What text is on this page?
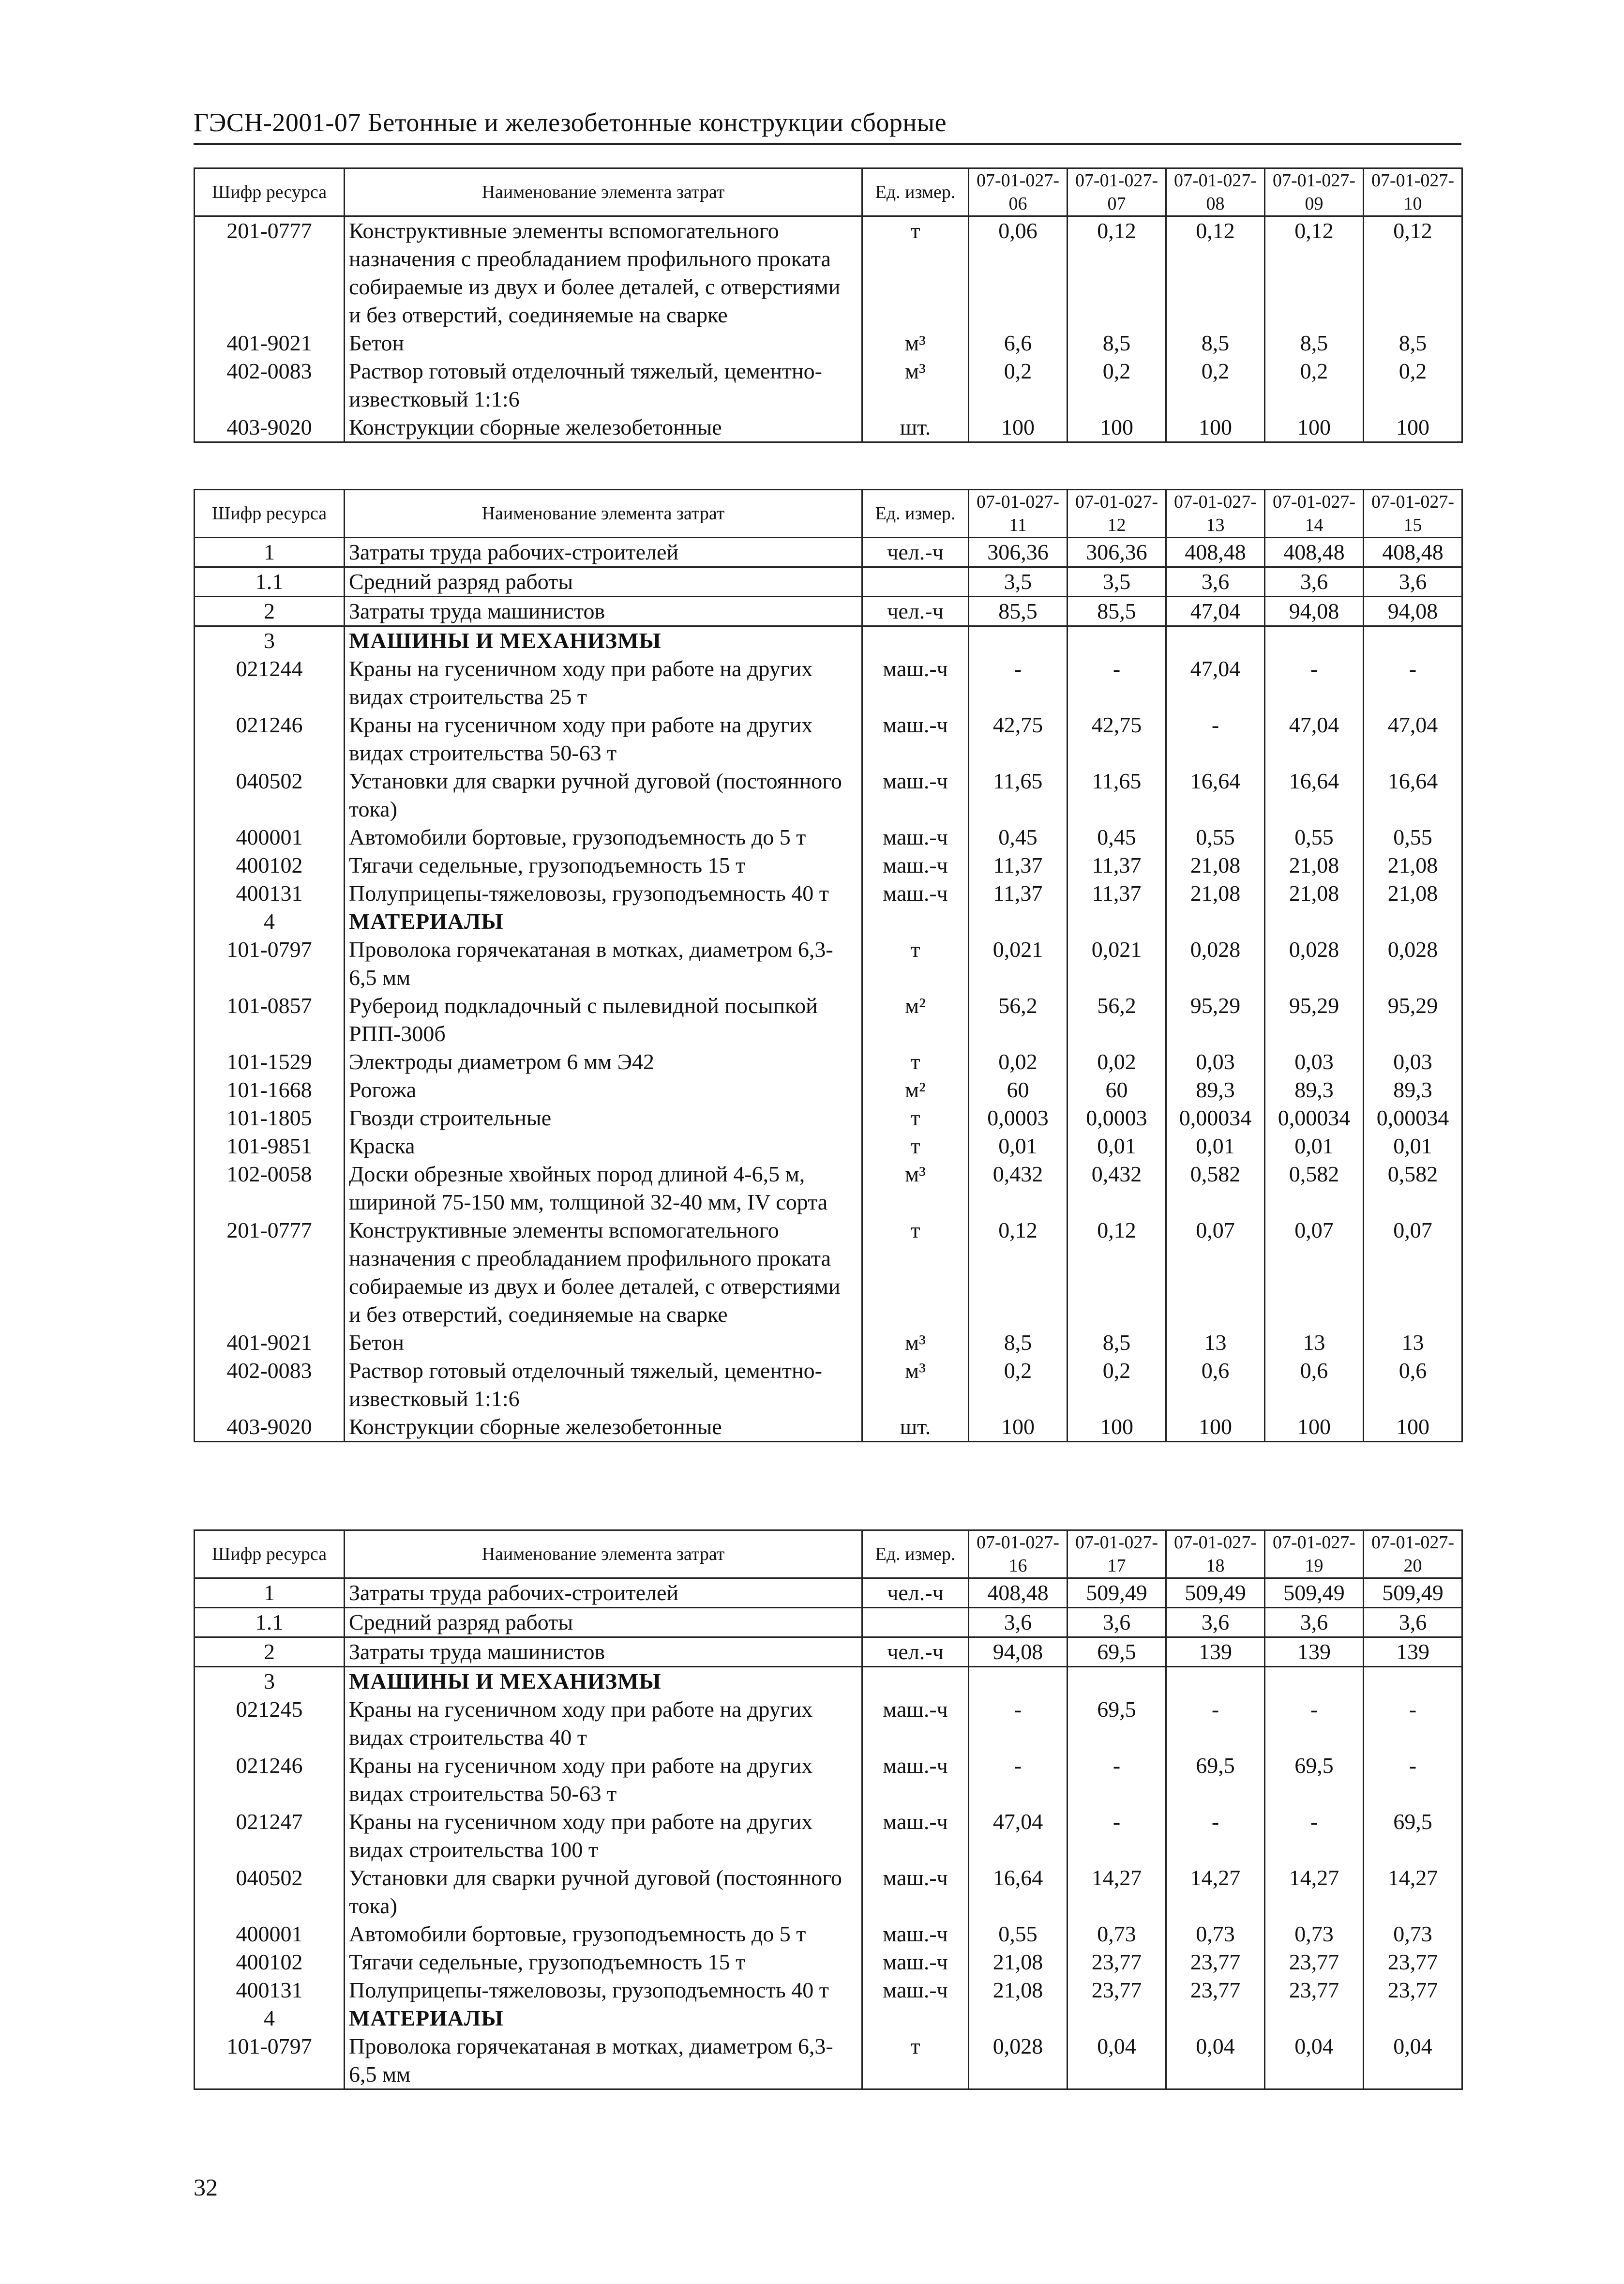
ГЭСН-2001-07 Бетонные и железобетонные конструкции сборные
Шифр ресурса	Наименование элемента затрат	Ед. измер.	07-01-027-06	07-01-027-07	07-01-027-08	07-01-027-09	07-01-027-10
201-0777	Конструктивные элементы вспомогательного назначения с преобладанием профильного проката собираемые из двух и более деталей, с отверстиями и без отверстий, соединяемые на сварке	т	0,06	0,12	0,12	0,12	0,12
401-9021	Бетон	м³	6,6	8,5	8,5	8,5	8,5
402-0083	Раствор готовый отделочный тяжелый, цементно-известковый 1:1:6	м³	0,2	0,2	0,2	0,2	0,2
403-9020	Конструкции сборные железобетонные	шт.	100	100	100	100	100
Шифр ресурса	Наименование элемента затрат	Ед. измер.	07-01-027-11	07-01-027-12	07-01-027-13	07-01-027-14	07-01-027-15
1	Затраты труда рабочих-строителей	чел.-ч	306,36	306,36	408,48	408,48	408,48
1.1	Средний разряд работы		3,5	3,5	3,6	3,6	3,6
2	Затраты труда машинистов	чел.-ч	85,5	85,5	47,04	94,08	94,08
3	МАШИНЫ И МЕХАНИЗМЫ						
021244	Краны на гусеничном ходу при работе на других видах строительства 25 т	маш.-ч	-	-	47,04	-	-
021246	Краны на гусеничном ходу при работе на других видах строительства 50-63 т	маш.-ч	42,75	42,75	-	47,04	47,04
040502	Установки для сварки ручной дуговой (постоянного тока)	маш.-ч	11,65	11,65	16,64	16,64	16,64
400001	Автомобили бортовые, грузоподъемность до 5 т	маш.-ч	0,45	0,45	0,55	0,55	0,55
400102	Тягачи седельные, грузоподъемность 15 т	маш.-ч	11,37	11,37	21,08	21,08	21,08
400131	Полуприцепы-тяжеловозы, грузоподъемность 40 т	маш.-ч	11,37	11,37	21,08	21,08	21,08
4	МАТЕРИАЛЫ						
101-0797	Проволока горячекатаная в мотках, диаметром 6,3-6,5 мм	т	0,021	0,021	0,028	0,028	0,028
101-0857	Рубероид подкладочный с пылевидной посыпкой РПП-300б	м²	56,2	56,2	95,29	95,29	95,29
101-1529	Электроды диаметром 6 мм Э42	т	0,02	0,02	0,03	0,03	0,03
101-1668	Рогожа	м²	60	60	89,3	89,3	89,3
101-1805	Гвозди строительные	т	0,0003	0,0003	0,00034	0,00034	0,00034
101-9851	Краска	т	0,01	0,01	0,01	0,01	0,01
102-0058	Доски обрезные хвойных пород длиной 4-6,5 м, шириной 75-150 мм, толщиной 32-40 мм, IV сорта	м³	0,432	0,432	0,582	0,582	0,582
201-0777	Конструктивные элементы вспомогательного назначения с преобладанием профильного проката собираемые из двух и более деталей, с отверстиями и без отверстий, соединяемые на сварке	т	0,12	0,12	0,07	0,07	0,07
401-9021	Бетон	м³	8,5	8,5	13	13	13
402-0083	Раствор готовый отделочный тяжелый, цементно-известковый 1:1:6	м³	0,2	0,2	0,6	0,6	0,6
403-9020	Конструкции сборные железобетонные	шт.	100	100	100	100	100
Шифр ресурса	Наименование элемента затрат	Ед. измер.	07-01-027-16	07-01-027-17	07-01-027-18	07-01-027-19	07-01-027-20
1	Затраты труда рабочих-строителей	чел.-ч	408,48	509,49	509,49	509,49	509,49
1.1	Средний разряд работы		3,6	3,6	3,6	3,6	3,6
2	Затраты труда машинистов	чел.-ч	94,08	69,5	139	139	139
3	МАШИНЫ И МЕХАНИЗМЫ						
021245	Краны на гусеничном ходу при работе на других видах строительства 40 т	маш.-ч	-	69,5	-	-	-
021246	Краны на гусеничном ходу при работе на других видах строительства 50-63 т	маш.-ч	-	-	69,5	69,5	-
021247	Краны на гусеничном ходу при работе на других видах строительства 100 т	маш.-ч	47,04	-	-	-	69,5
040502	Установки для сварки ручной дуговой (постоянного тока)	маш.-ч	16,64	14,27	14,27	14,27	14,27
400001	Автомобили бортовые, грузоподъемность до 5 т	маш.-ч	0,55	0,73	0,73	0,73	0,73
400102	Тягачи седельные, грузоподъемность 15 т	маш.-ч	21,08	23,77	23,77	23,77	23,77
400131	Полуприцепы-тяжеловозы, грузоподъемность 40 т	маш.-ч	21,08	23,77	23,77	23,77	23,77
4	МАТЕРИАЛЫ						
101-0797	Проволока горячекатаная в мотках, диаметром 6,3-6,5 мм	т	0,028	0,04	0,04	0,04	0,04
32
